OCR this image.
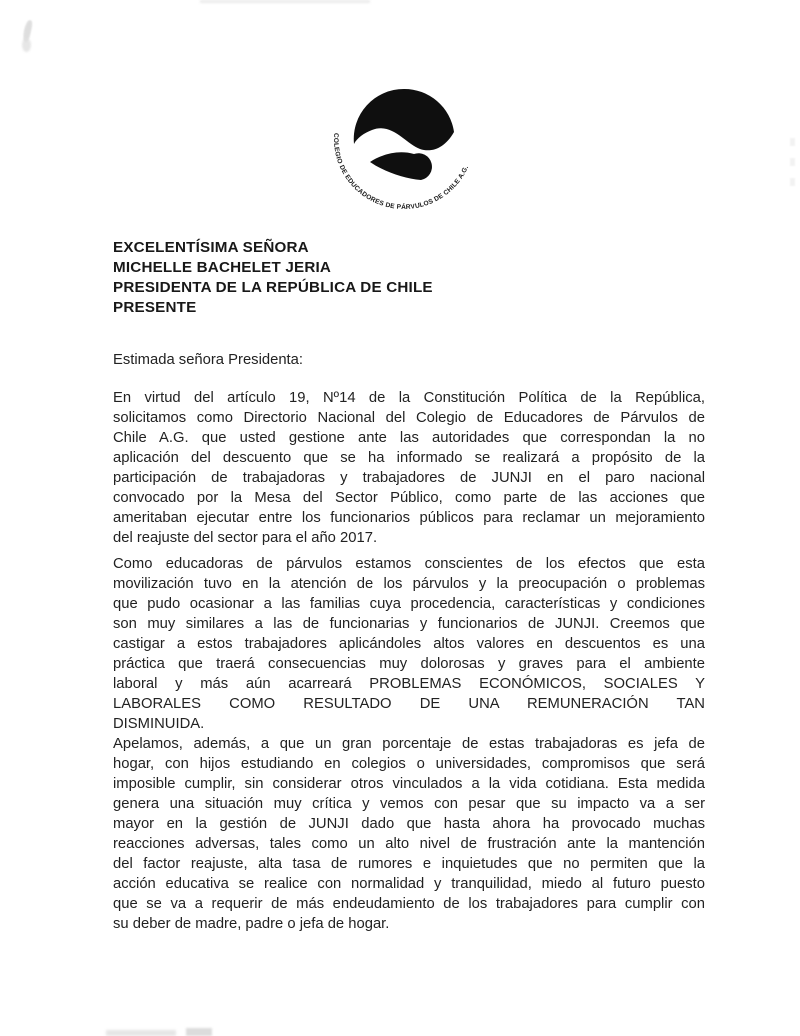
COLEGIO DE EDUCADORES DE PÁRVULOS DE CHILE A.G.
EXCELENTÍSIMA SEÑORA
MICHELLE BACHELET JERIA
PRESIDENTA DE LA REPÚBLICA DE CHILE
PRESENTE
Estimada señora Presidenta:
En virtud del artículo 19, Nº14 de la Constitución Política de la República,
solicitamos como Directorio Nacional del Colegio de Educadores de Párvulos de
Chile A.G. que usted gestione ante las autoridades que correspondan la no
aplicación del descuento que se ha informado se realizará a propósito de la
participación de trabajadoras y trabajadores de JUNJI en el paro nacional
convocado por la Mesa del Sector Público, como parte de las acciones que
ameritaban ejecutar entre los funcionarios públicos para reclamar un mejoramiento
del reajuste del sector para el año 2017.
Como educadoras de párvulos estamos conscientes de los efectos que esta
movilización tuvo en la atención de los párvulos y la preocupación o problemas
que pudo ocasionar a las familias cuya procedencia, características y condiciones
son muy similares a las de funcionarias y funcionarios de JUNJI. Creemos que
castigar a estos trabajadores aplicándoles altos valores en descuentos es una
práctica que traerá consecuencias muy dolorosas y graves para el ambiente
laboral y más aún acarreará PROBLEMAS ECONÓMICOS, SOCIALES Y
LABORALES COMO RESULTADO DE UNA REMUNERACIÓN TAN
DISMINUIDA.
Apelamos, además, a que un gran porcentaje de estas trabajadoras es jefa de
hogar, con hijos estudiando en colegios o universidades, compromisos que será
imposible cumplir, sin considerar otros vinculados a la vida cotidiana. Esta medida
genera una situación muy crítica y vemos con pesar que su impacto va a ser
mayor en la gestión de JUNJI dado que hasta ahora ha provocado muchas
reacciones adversas, tales como un alto nivel de frustración ante la mantención
del factor reajuste, alta tasa de rumores e inquietudes que no permiten que la
acción educativa se realice con normalidad y tranquilidad, miedo al futuro puesto
que se va a requerir de más endeudamiento de los trabajadores para cumplir con
su deber de madre, padre o jefa de hogar.
